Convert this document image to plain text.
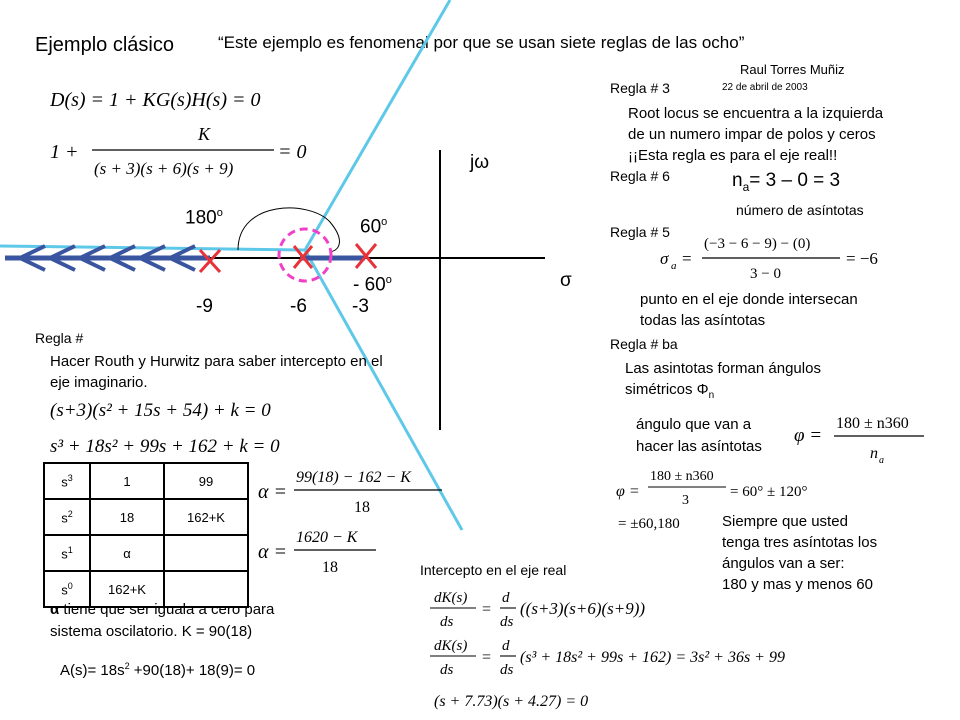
Ejemplo clásico	“Este ejemplo es fenomenal por que se usan siete reglas de las ocho”
Raul Torres Muñiz
22 de abril de 2003
D(s) = 1 + KG(s)H(s) = 0
1 +
K
(s + 3)(s + 6)(s + 9)
= 0	jω
σ
180$^o$
60$^o$
- 60$^o$
-9	-6 -3
Regla # 3
Root locus se encuentra a la izquierda
de un numero impar de polos y ceros
¡¡Esta regla es para el eje real!!
Regla # 6	$n_a= 3 - 0 = 3$
número de asíntotas
Regla # 5
σ a =
(−3 − 6 − 9) − (0)
3 − 0
= −6
punto en el eje donde intersecan
todas las asíntotas
Regla # ba
Las asintotas forman ángulos
simétricos $\Phi_n$
ángulo que van a
hacer las asíntotas
φ =
180 ± n360
n a
φ =
180 ± n360
3
= 60° ± 120°
= ±60,180	Siempre que usted
tenga tres asíntotas los
ángulos van a ser:
180 y mas y menos 60
Regla #
Hacer Routh y Hurwitz para saber intercepto en el
eje imaginario.
(s+3)(s² + 15s + 54) + k = 0
s³ + 18s² + 99s + 162 + k = 0
$s^3$	1	99
$s^2$	18	162+K
$s^1$	α	
$s^0$	162+K	
α =
99(18) − 162 − K
18
α =
1620 − K
18
α tiene que ser iguala a cero para
sistema oscilatorio. K = 90(18)
$A(s)= 18s^2 +90(18)+ 18(9)= 0$
Intercepto en el eje real
dK(s)
ds
=
d
ds
((s+3)(s+6)(s+9))
dK(s)
ds
=
d
ds
(s³ + 18s² + 99s + 162) = 3s² + 36s + 99
(s + 7.73)(s + 4.27) = 0
